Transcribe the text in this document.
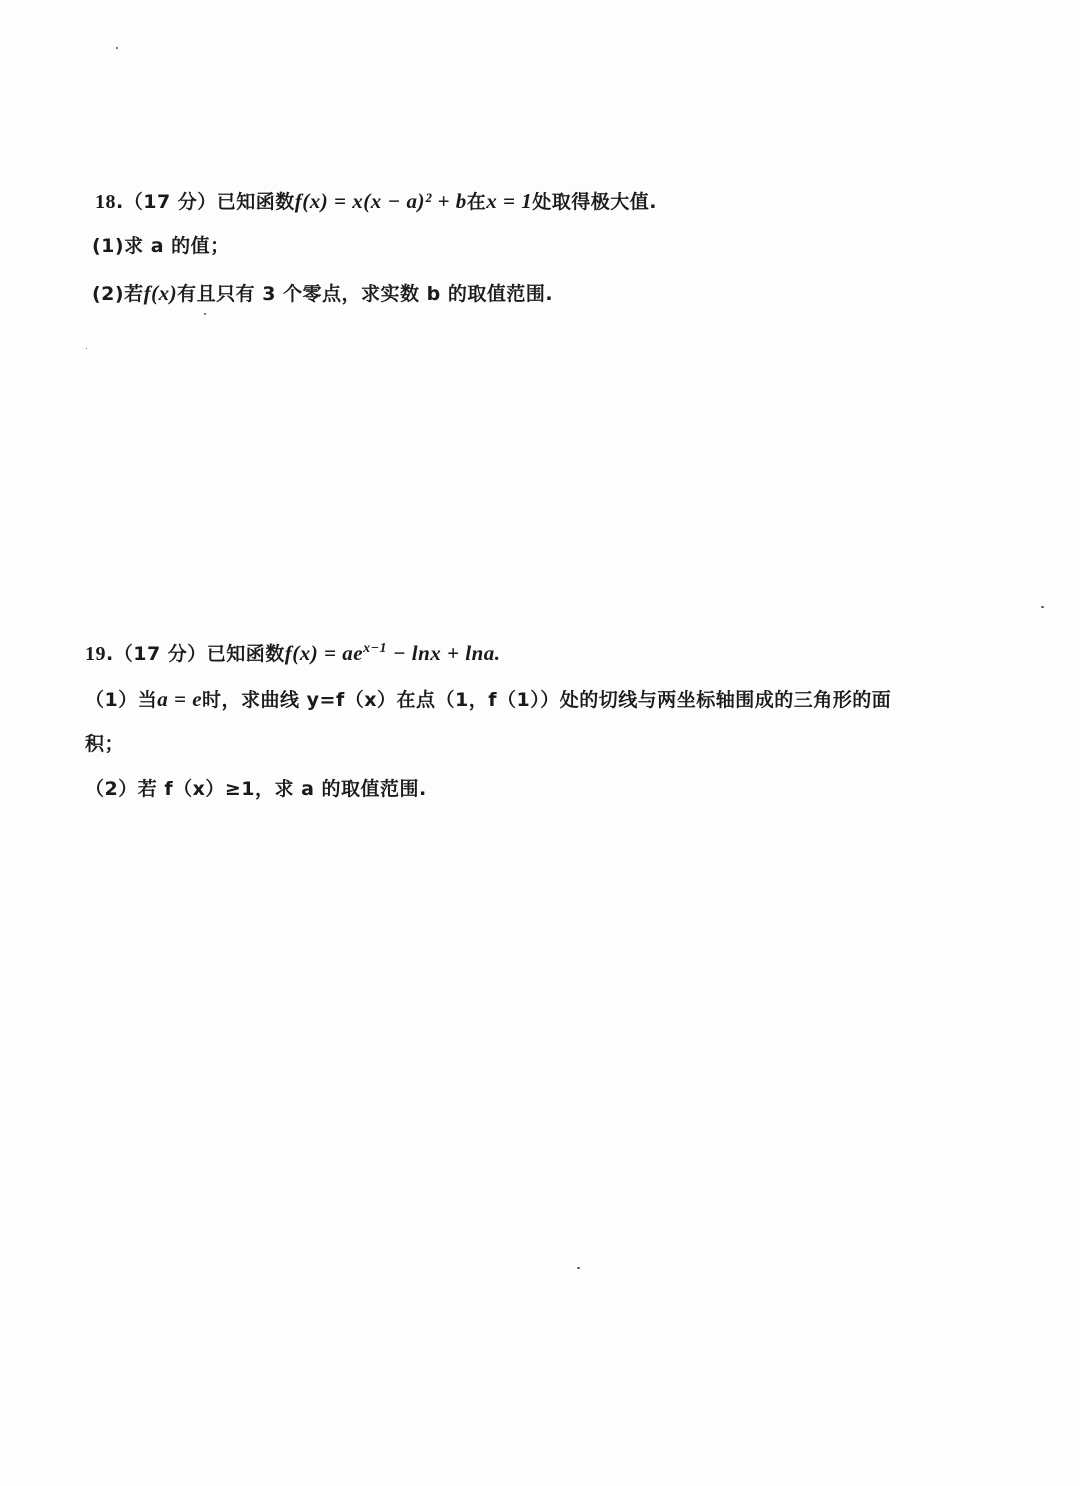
18.（17 分）已知函数f(x) = x(x − a)² + b在x = 1处取得极大值.
(1)求 a 的值；
(2)若f(x)有且只有 3 个零点，求实数 b 的取值范围.
19.（17 分）已知函数$f(x) = ae^{x-1} - \ln x + \ln a$.
（1）当a = e时，求曲线 y=f（x）在点（1，f（1））处的切线与两坐标轴围成的三角形的面
积；
（2）若 f（x）≥1，求 a 的取值范围.
